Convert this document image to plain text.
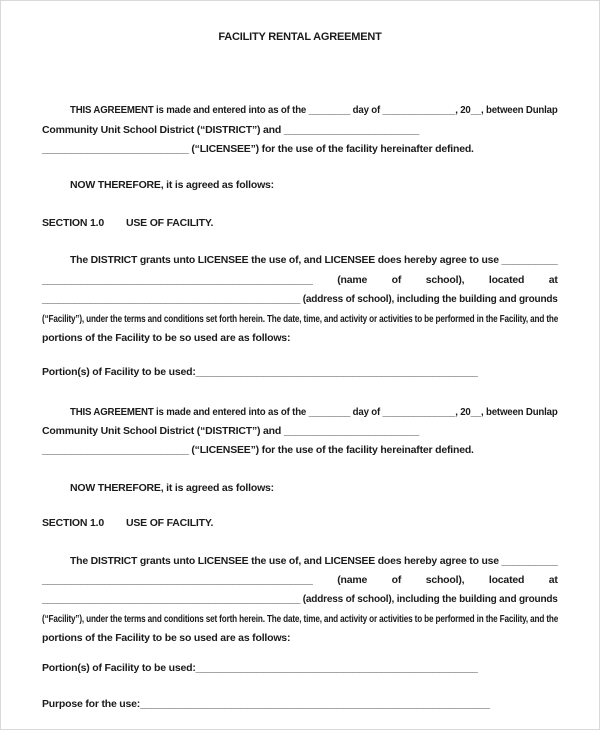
FACILITY RENTAL AGREEMENT
THIS AGREEMENT is made and entered into as of the ________ day of ______________, 20__, between Dunlap
Community Unit School District (“DISTRICT”) and ________________________
__________________________ (“LICENSEE”) for the use of the facility hereinafter defined.
NOW THEREFORE, it is agreed as follows:
SECTION 1.0 USE OF FACILITY.
The DISTRICT grants unto LICENSEE the use of, and LICENSEE does hereby agree to use __________
________________________________________________ (name of school), located at
________________________________________________ (address of school), including the building and grounds
(“Facility”), under the terms and conditions set forth herein. The date, time, and activity or activities to be performed in the Facility, and the
portions of the Facility to be so used are as follows:
Portion(s) of Facility to be used:__________________________________________________
THIS AGREEMENT is made and entered into as of the ________ day of ______________, 20__, between Dunlap
Community Unit School District (“DISTRICT”) and ________________________
__________________________ (“LICENSEE”) for the use of the facility hereinafter defined.
NOW THEREFORE, it is agreed as follows:
SECTION 1.0 USE OF FACILITY.
The DISTRICT grants unto LICENSEE the use of, and LICENSEE does hereby agree to use __________
________________________________________________ (name of school), located at
________________________________________________ (address of school), including the building and grounds
(“Facility”), under the terms and conditions set forth herein. The date, time, and activity or activities to be performed in the Facility, and the
portions of the Facility to be so used are as follows:
Portion(s) of Facility to be used:__________________________________________________
Purpose for the use:______________________________________________________________
